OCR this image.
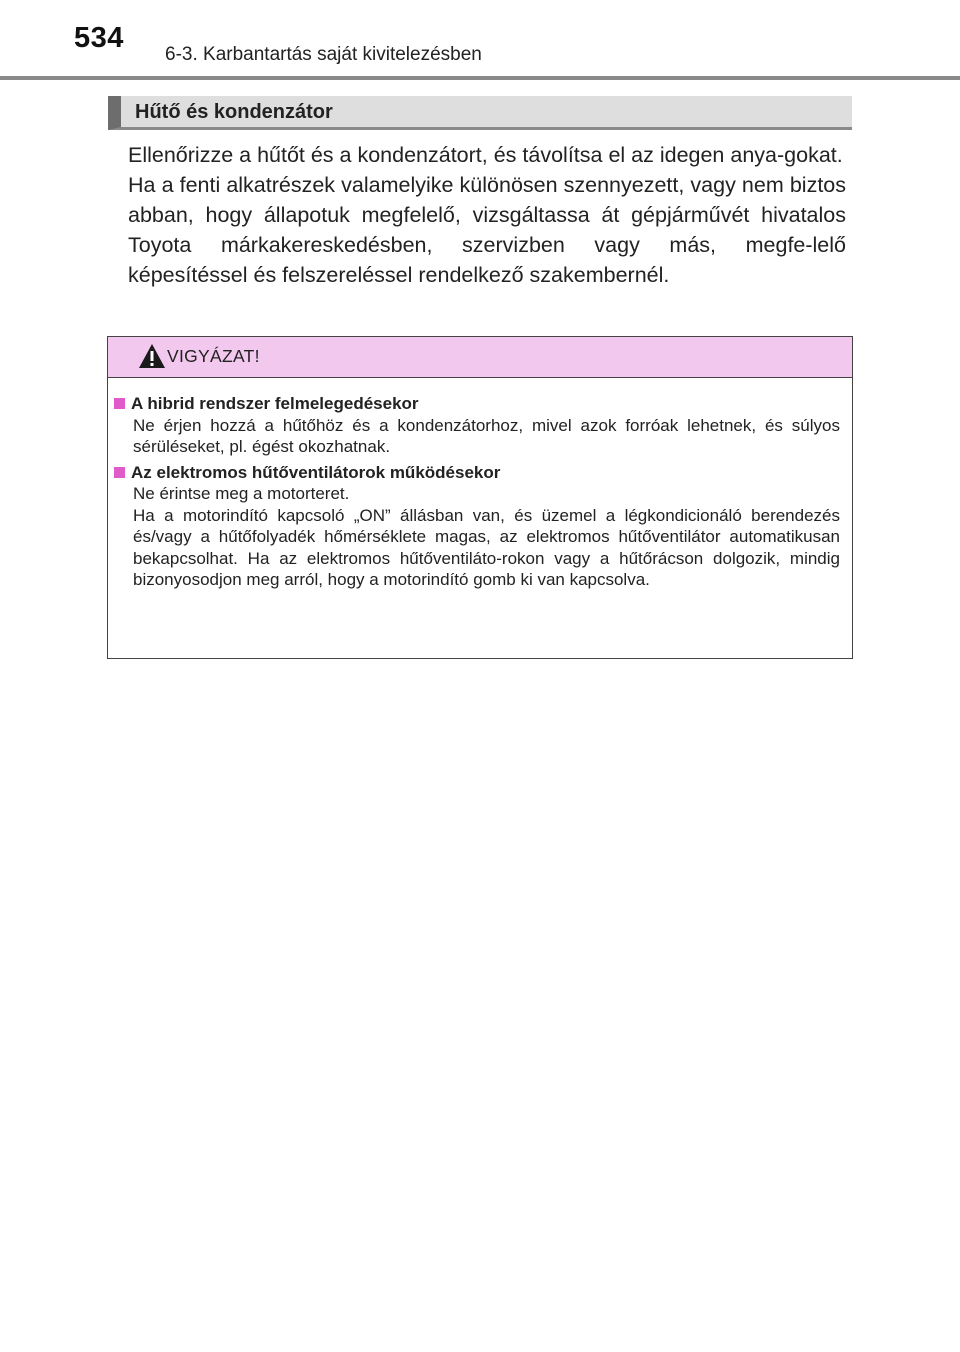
534
6-3. Karbantartás saját kivitelezésben
Hűtő és kondenzátor

Ellenőrizze a hűtőt és a kondenzátort, és távolítsa el az idegen anya-gokat.

Ha a fenti alkatrészek valamelyike különösen szennyezett, vagy nem biztos abban, hogy állapotuk megfelelő, vizsgáltassa át gépjárművét hivatalos Toyota márkakereskedésben, szervizben vagy más, megfe-lelő képesítéssel és felszereléssel rendelkező szakembernél.

VIGYÁZAT!
A hibrid rendszer felmelegedésekor

Ne érjen hozzá a hűtőhöz és a kondenzátorhoz, mivel azok forróak lehetnek, és súlyos sérüléseket, pl. égést okozhatnak.

Az elektromos hűtőventilátorok működésekor

Ne érintse meg a motorteret.

Ha a motorindító kapcsoló „ON” állásban van, és üzemel a légkondicionáló berendezés és/vagy a hűtőfolyadék hőmérséklete magas, az elektromos hűtőventilátor automatikusan bekapcsolhat. Ha az elektromos hűtőventiláto-rokon vagy a hűtőrácson dolgozik, mindig bizonyosodjon meg arról, hogy a motorindító gomb ki van kapcsolva.
